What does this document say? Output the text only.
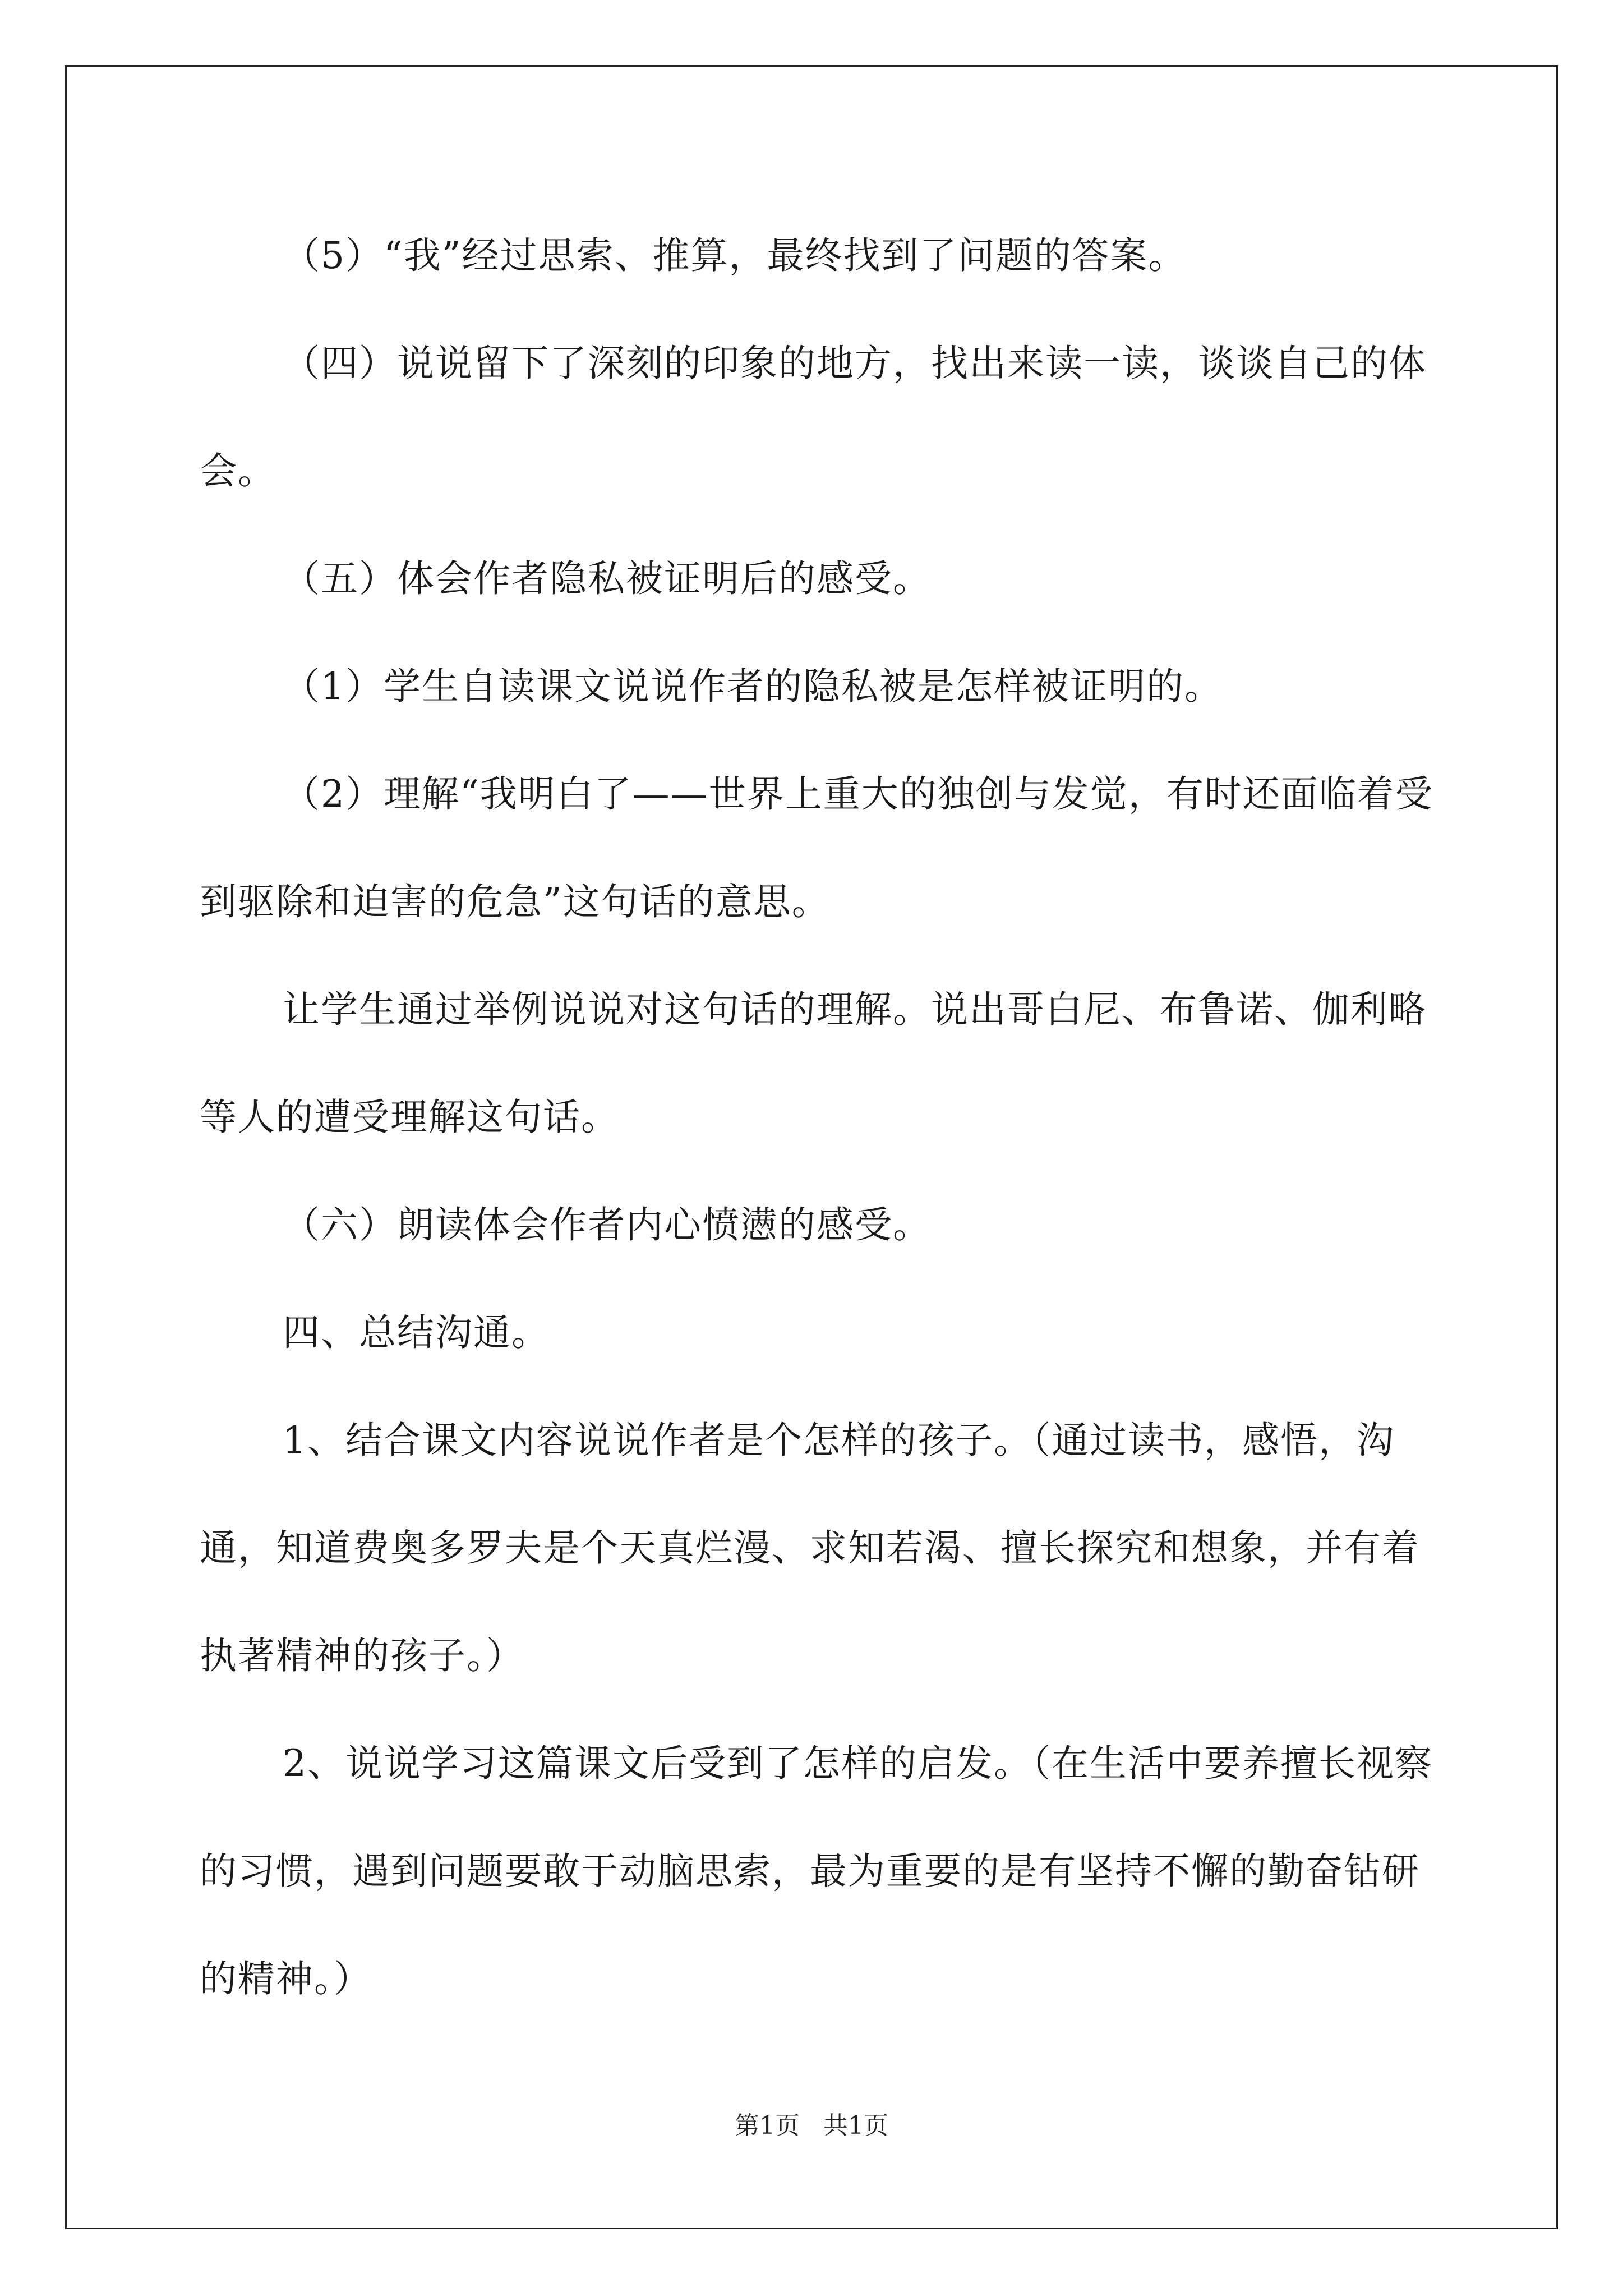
（5）“我”经过思索、推算，最终找到了问题的答案。

（四）说说留下了深刻的印象的地方，找出来读一读，谈谈自己的体会。

（五）体会作者隐私被证明后的感受。

（1）学生自读课文说说作者的隐私被是怎样被证明的。

（2）理解“我明白了——世界上重大的独创与发觉，有时还面临着受到驱除和迫害的危急”这句话的意思。

让学生通过举例说说对这句话的理解。说出哥白尼、布鲁诺、伽利略等人的遭受理解这句话。

（六）朗读体会作者内心愤懑的感受。

四、总结沟通。

1、结合课文内容说说作者是个怎样的孩子。（通过读书，感悟，沟通，知道费奥多罗夫是个天真烂漫、求知若渴、擅长探究和想象，并有着执著精神的孩子。）

2、说说学习这篇课文后受到了怎样的启发。（在生活中要养擅长视察的习惯，遇到问题要敢于动脑思索，最为重要的是有坚持不懈的勤奋钻研的精神。）

第1页 共1页
